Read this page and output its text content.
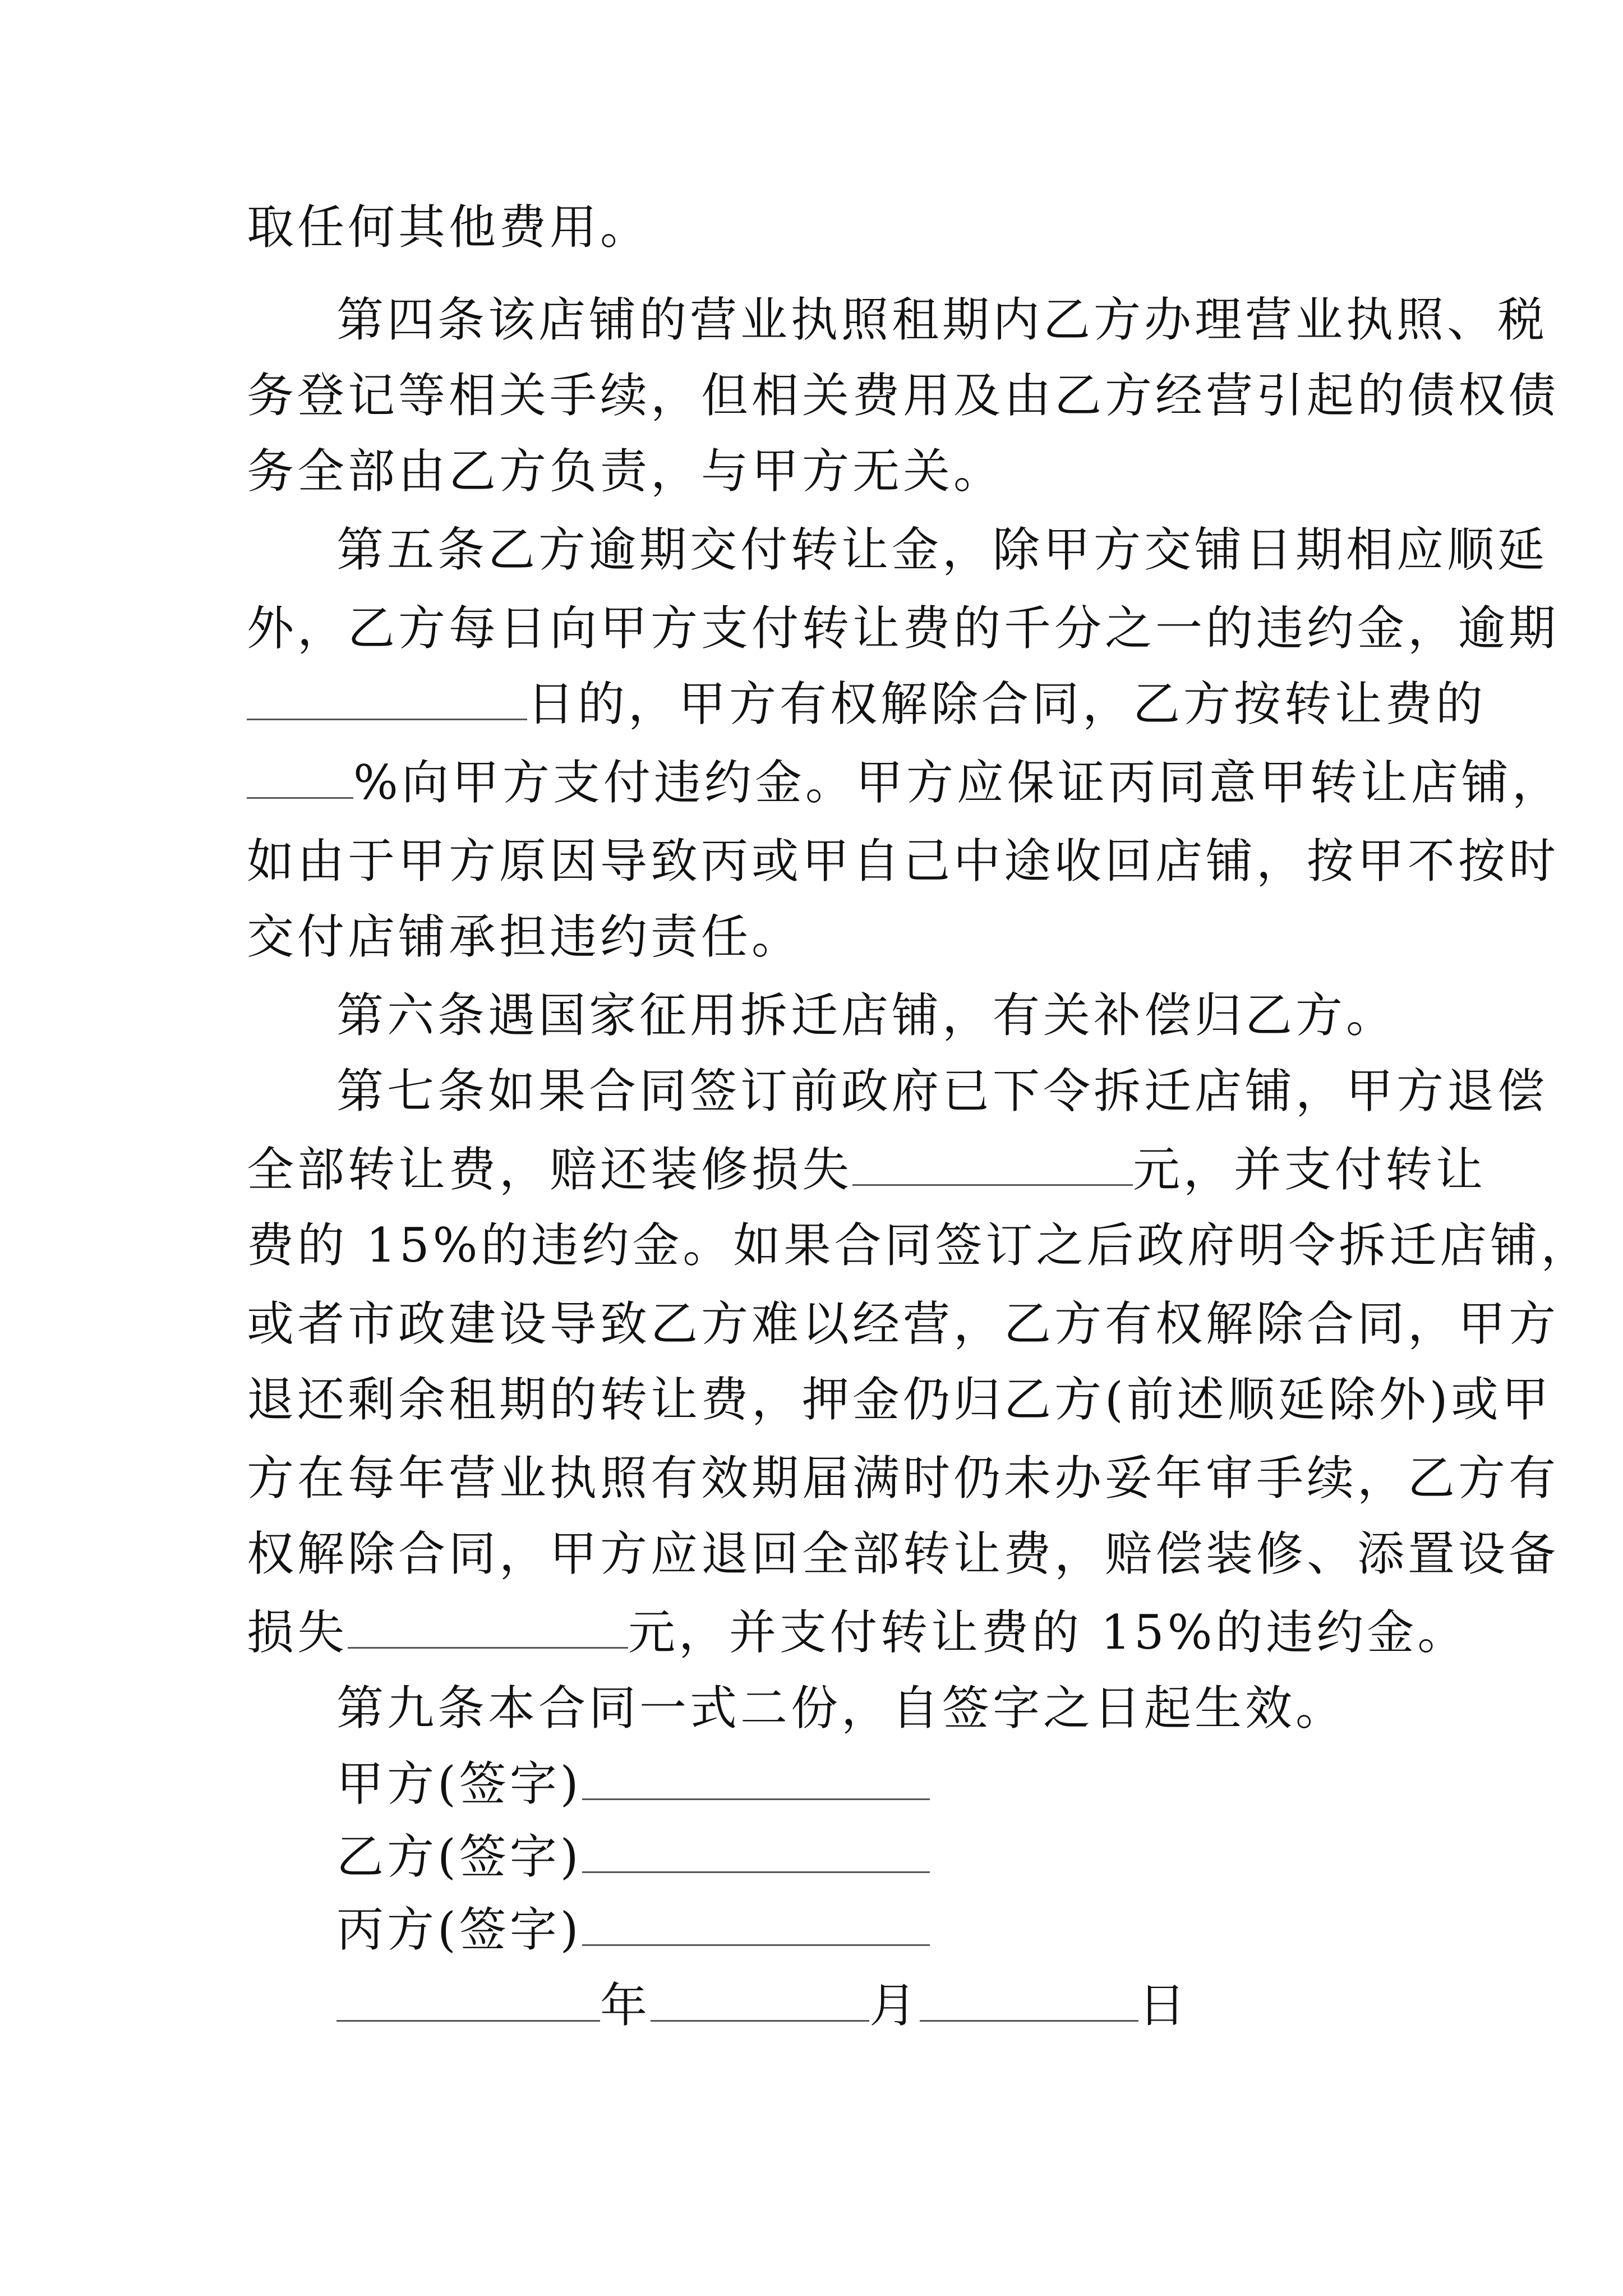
取任何其他费用。
第四条该店铺的营业执照租期内乙方办理营业执照、税
务登记等相关手续，但相关费用及由乙方经营引起的债权债
务全部由乙方负责，与甲方无关。
第五条乙方逾期交付转让金，除甲方交铺日期相应顺延
外，乙方每日向甲方支付转让费的千分之一的违约金，逾期
日的，甲方有权解除合同，乙方按转让费的
%向甲方支付违约金。甲方应保证丙同意甲转让店铺，
如由于甲方原因导致丙或甲自己中途收回店铺，按甲不按时
交付店铺承担违约责任。
第六条遇国家征用拆迁店铺，有关补偿归乙方。
第七条如果合同签订前政府已下令拆迁店铺，甲方退偿
全部转让费，赔还装修损失	元，并支付转让
费的 15%的违约金。如果合同签订之后政府明令拆迁店铺，
或者市政建设导致乙方难以经营，乙方有权解除合同，甲方
退还剩余租期的转让费，押金仍归乙方(前述顺延除外)或甲
方在每年营业执照有效期届满时仍未办妥年审手续，乙方有
权解除合同，甲方应退回全部转让费，赔偿装修、添置设备
损失	元，并支付转让费的 15%的违约金。
第九条本合同一式二份，自签字之日起生效。
甲方(签字)
乙方(签字)
丙方(签字)
年	月	日
